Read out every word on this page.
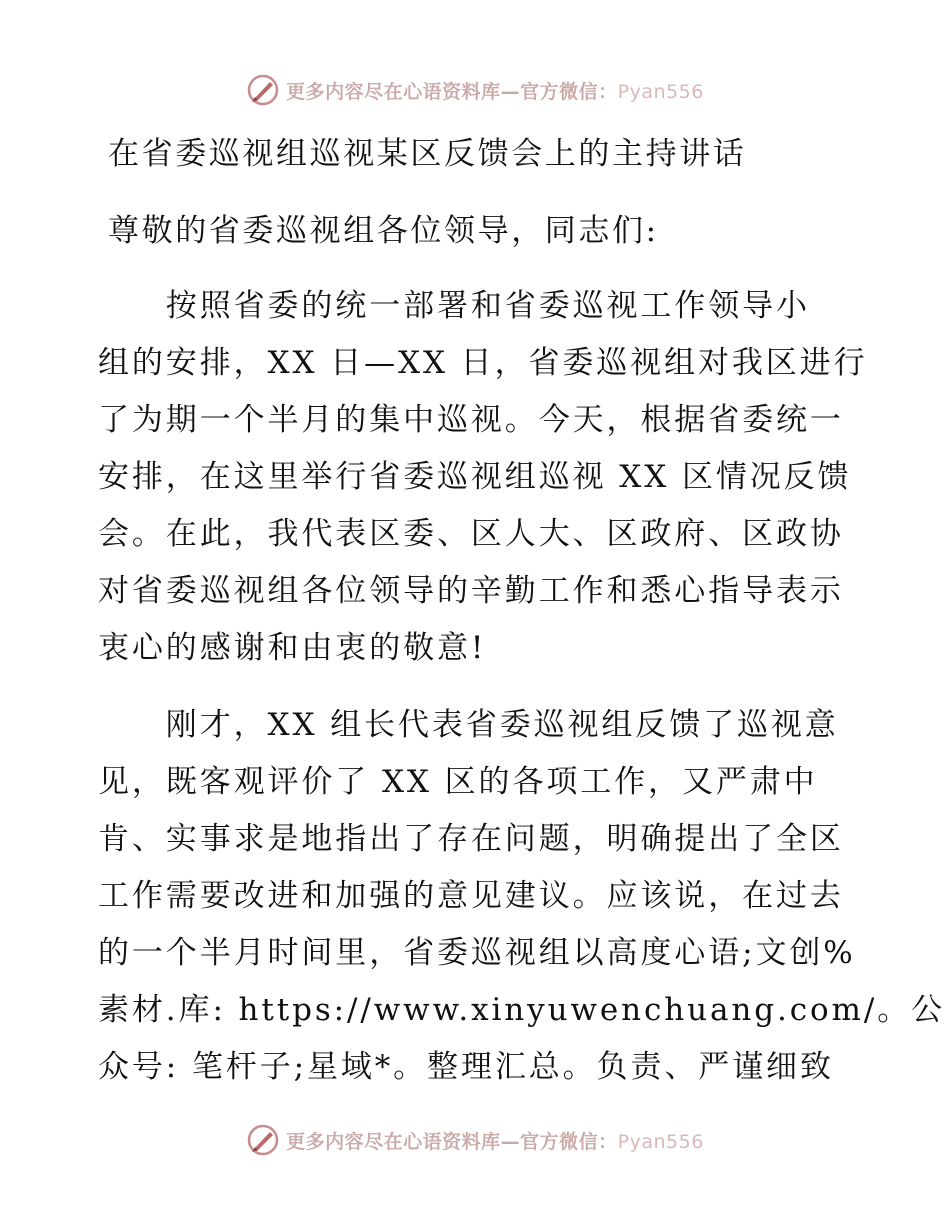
更多内容尽在心语资料库—官方微信：Pyan556
在省委巡视组巡视某区反馈会上的主持讲话
尊敬的省委巡视组各位领导，同志们:
　　按照省委的统一部署和省委巡视工作领导小
组的安排，XX 日—XX 日，省委巡视组对我区进行
了为期一个半月的集中巡视。今天，根据省委统一
安排，在这里举行省委巡视组巡视 XX 区情况反馈
会。在此，我代表区委、区人大、区政府、区政协
对省委巡视组各位领导的辛勤工作和悉心指导表示
衷心的感谢和由衷的敬意!
　　刚才，XX 组长代表省委巡视组反馈了巡视意
见，既客观评价了 XX 区的各项工作，又严肃中
肯、实事求是地指出了存在问题，明确提出了全区
工作需要改进和加强的意见建议。应该说，在过去
的一个半月时间里，省委巡视组以高度心语;文创%
素材.库: https://www.xinyuwenchuang.com/。公
众号: 笔杆子;星域*。整理汇总。负责、严谨细致
更多内容尽在心语资料库—官方微信：Pyan556
